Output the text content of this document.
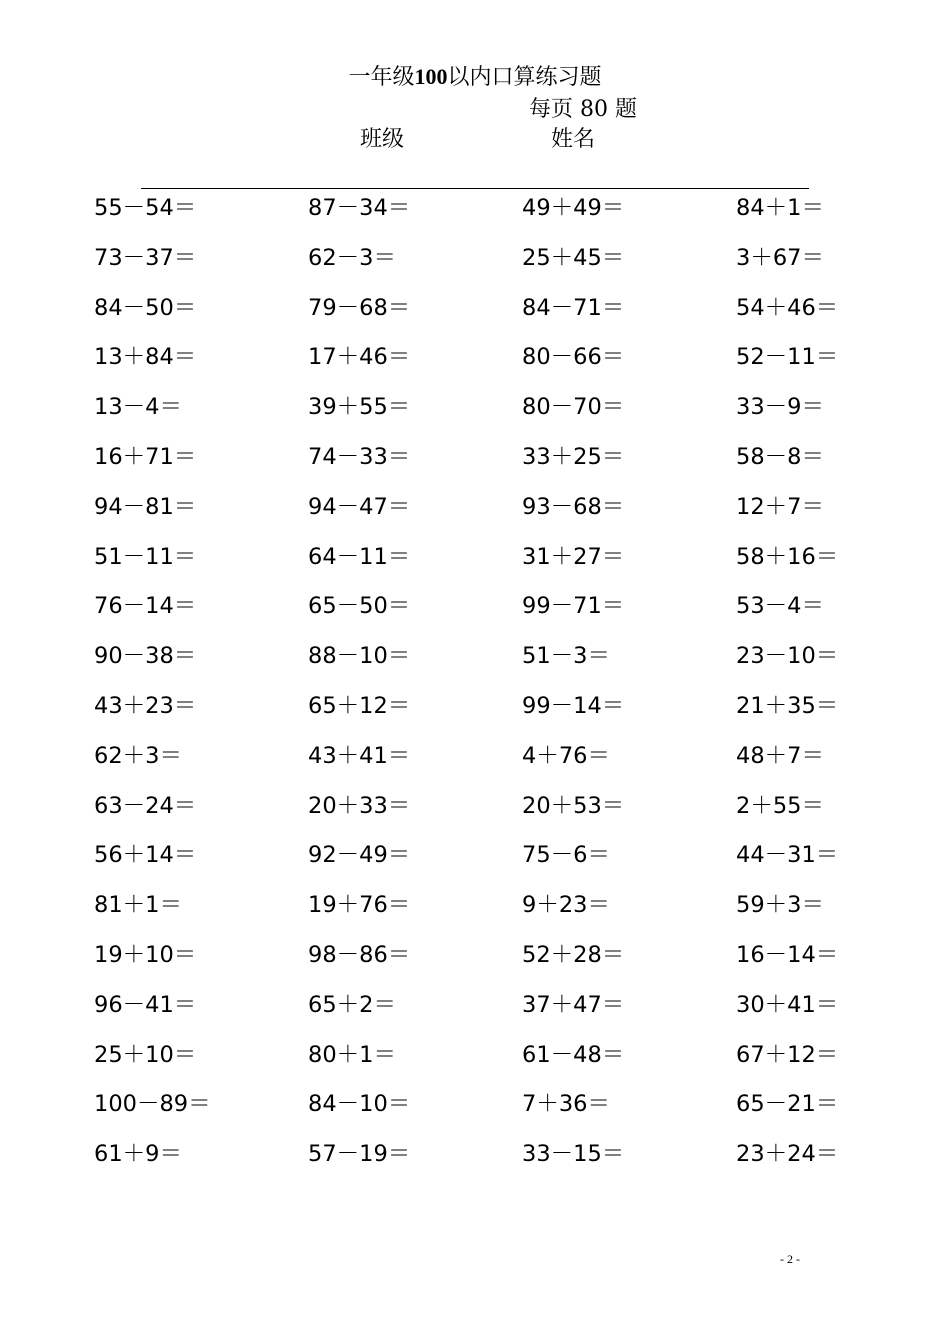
一年级100以内口算练习题
每页 80 题
班级	姓名
55－54＝	87－34＝	49＋49＝	84＋1＝
73－37＝	62－3＝	25＋45＝	3＋67＝
84－50＝	79－68＝	84－71＝	54＋46＝
13＋84＝	17＋46＝	80－66＝	52－11＝
13－4＝	39＋55＝	80－70＝	33－9＝
16＋71＝	74－33＝	33＋25＝	58－8＝
94－81＝	94－47＝	93－68＝	12＋7＝
51－11＝	64－11＝	31＋27＝	58＋16＝
76－14＝	65－50＝	99－71＝	53－4＝
90－38＝	88－10＝	51－3＝	23－10＝
43＋23＝	65＋12＝	99－14＝	21＋35＝
62＋3＝	43＋41＝	4＋76＝	48＋7＝
63－24＝	20＋33＝	20＋53＝	2＋55＝
56＋14＝	92－49＝	75－6＝	44－31＝
81＋1＝	19＋76＝	9＋23＝	59＋3＝
19＋10＝	98－86＝	52＋28＝	16－14＝
96－41＝	65＋2＝	37＋47＝	30＋41＝
25＋10＝	80＋1＝	61－48＝	67＋12＝
100－89＝	84－10＝	7＋36＝	65－21＝
61＋9＝	57－19＝	33－15＝	23＋24＝
- 2 -
